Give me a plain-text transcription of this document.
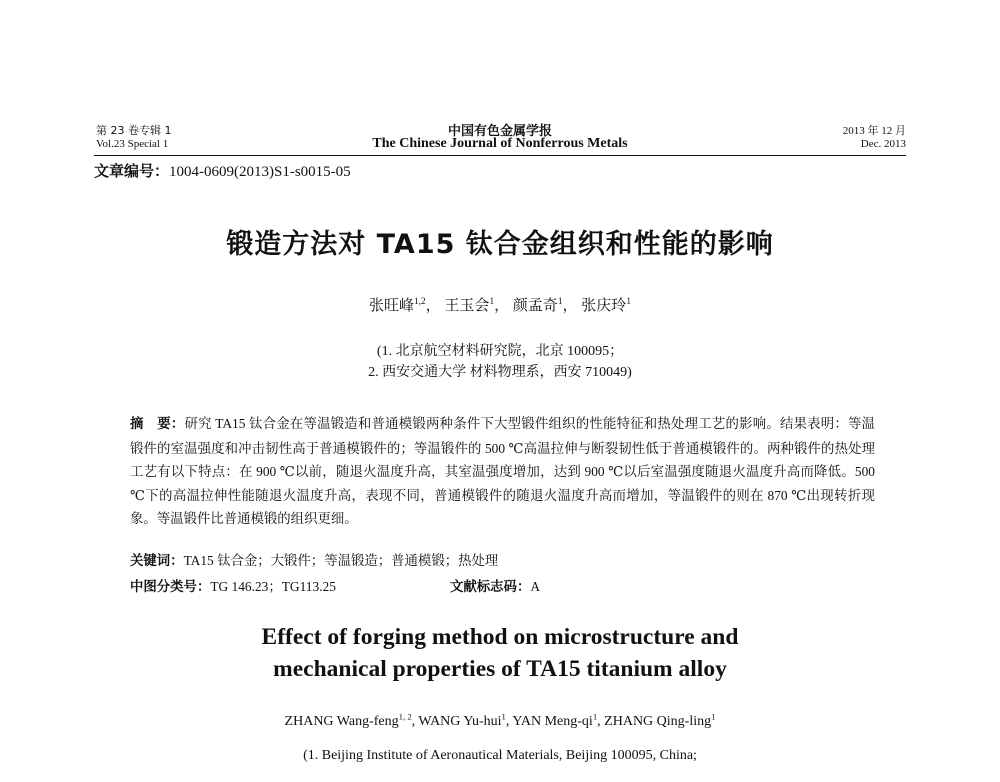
第 23 卷专辑 1
Vol.23 Special 1
中国有色金属学报
The Chinese Journal of Nonferrous Metals
2013 年 12 月
Dec. 2013
文章编号：1004-0609(2013)S1-s0015-05
锻造方法对 TA15 钛合金组织和性能的影响
张旺峰$^{1,2}$， 王玉会$^1$， 颜孟奇$^1$， 张庆玲$^1$
(1. 北京航空材料研究院，北京 100095；
2. 西安交通大学 材料物理系，西安 710049)
摘　要：研究 TA15 钛合金在等温锻造和普通模锻两种条件下大型锻件组织的性能特征和热处理工艺的影响。结果表明：等温锻件的室温强度和冲击韧性高于普通模锻件的；等温锻件的 500 ℃高温拉伸与断裂韧性低于普通模锻件的。两种锻件的热处理工艺有以下特点：在 900 ℃以前，随退火温度升高，其室温强度增加，达到 900 ℃以后室温强度随退火温度升高而降低。500 ℃下的高温拉伸性能随退火温度升高，表现不同，普通模锻件的随退火温度升高而增加，等温锻件的则在 870 ℃出现转折现象。等温锻件比普通模锻的组织更细。
关键词：TA15 钛合金；大锻件；等温锻造；普通模锻；热处理
中图分类号：TG 146.23；TG113.25	文献标志码：A
Effect of forging method on microstructure and
mechanical properties of TA15 titanium alloy
ZHANG Wang-feng$^{1, 2}$, WANG Yu-hui$^1$, YAN Meng-$qi^1$, ZHANG Qing-ling$^1$
(1. Beijing Institute of Aeronautical Materials, Beijing 100095, China;
